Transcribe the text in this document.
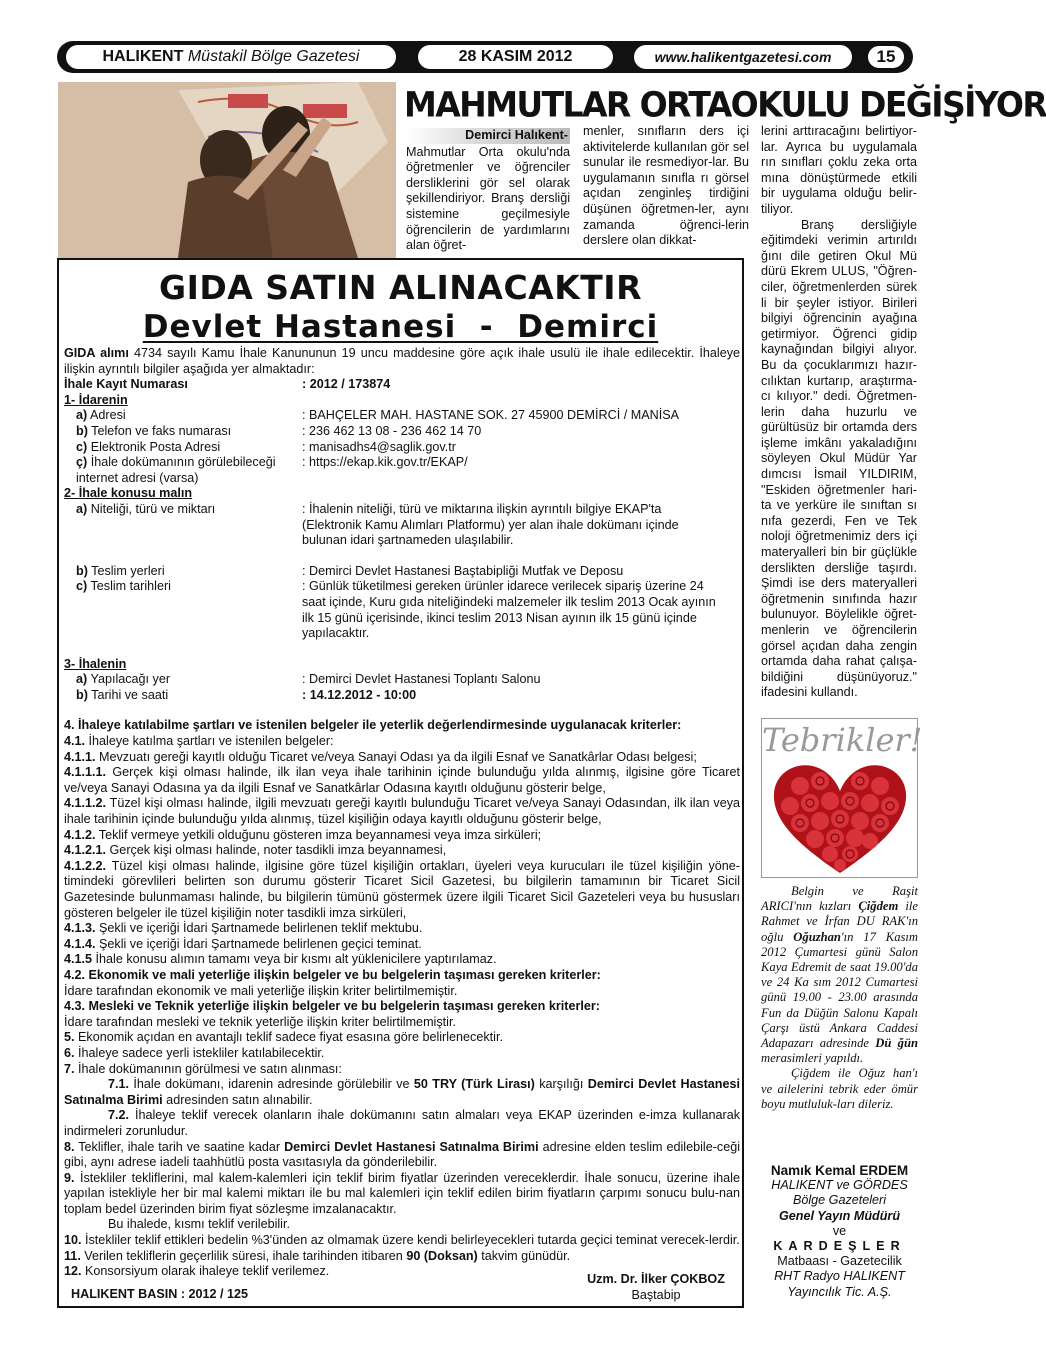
HALIKENT
Müstakil Bölge Gazetesi	28 KASIM 2012	www.halikentgazetesi.com	15
MAHMUTLAR ORTAOKULU DEĞİŞİYOR
Demirci Halıkent-
Mahmutlar Orta okulu'nda öğretmenler ve öğrenciler dersliklerini gör sel olarak şekillendiriyor. Branş dersliği sistemine geçilmesiyle öğrencilerin de yardımlarını alan öğret-
menler, sınıfların ders içi aktivitelerde kullanılan gör sel sunular ile resmediyor-lar. Bu uygulamanın sınıfla rı görsel açıdan zenginleş tirdiğini düşünen öğretmen-ler, aynı zamanda öğrenci-lerin derslere olan dikkat-

lerini arttıracağını belirtiyor-lar. Ayrıca bu uygulamala rın sınıfları çoklu zeka orta mına dönüştürmede etkili bir uygulama olduğu belir-tiliyor.

Branş dersliğiyle eğitimdeki verimin artırıldı ğını dile getiren Okul Mü dürü Ekrem ULUS, "Öğren-ciler, öğretmenlerden sürek li bir şeyler istiyor. Birileri bilgiyi öğrencinin ayağına getirmiyor. Öğrenci gidip kaynağından bilgiyi alıyor. Bu da çocuklarımızı hazır-cılıktan kurtarıp, araştırma-cı kılıyor." dedi. Öğretmen-lerin daha huzurlu ve gürültüsüz bir ortamda ders işleme imkânı yakaladığını söyleyen Okul Müdür Yar dımcısı İsmail YILDIRIM, "Eskiden öğretmenler hari-ta ve yerküre ile sınıftan sı nıfa gezerdi, Fen ve Tek noloji öğretmenimiz ders içi materyalleri bin bir güçlükle derslikten dersliğe taşırdı. Şimdi ise ders materyalleri öğretmenin sınıfında hazır bulunuyor. Böylelikle öğret-menlerin ve öğrencilerin görsel açıdan daha zengin ortamda daha rahat çalışa-bildiğini düşünüyoruz." ifadesini kullandı.

GIDA SATIN ALINACAKTIR
Devlet Hastanesi  -  Demirci

GIDA alımı 4734 sayılı Kamu İhale Kanununun 19 uncu maddesine göre açık ihale usulü ile ihale edilecektir. İhaleye ilişkin ayrıntılı bilgiler aşağıda yer almaktadır:

İhale Kayıt Numarası	: 2012 / 173874
1- İdarenin
a) Adresi	: BAHÇELER MAH. HASTANE SOK. 27 45900 DEMİRCİ / MANİSA
b) Telefon ve faks numarası	: 236 462 13 08 - 236 462 14 70
c) Elektronik Posta Adresi	: manisadhs4@saglik.gov.tr
ç) İhale dokümanının görülebileceği internet adresi (varsa)
: https://ekap.kik.gov.tr/EKAP/
2- İhale konusu malın
a) Niteliği, türü ve miktarı	: İhalenin niteliği, türü ve miktarına ilişkin ayrıntılı bilgiye EKAP'ta (Elektronik Kamu Alımları Platformu) yer alan ihale dokümanı içinde bulunan idari şartnameden ulaşılabilir.
b) Teslim yerleri	: Demirci Devlet Hastanesi Baştabipliği Mutfak ve Deposu
c) Teslim tarihleri	: Günlük tüketilmesi gereken ürünler idarece verilecek sipariş üzerine 24 saat içinde, Kuru gıda niteliğindeki malzemeler ilk teslim 2013 Ocak ayının ilk 15 günü içerisinde, ikinci teslim 2013 Nisan ayının ilk 15 günü içinde yapılacaktır.
3- İhalenin
a) Yapılacağı yer	: Demirci Devlet Hastanesi Toplantı Salonu
b) Tarihi ve saati	: 14.12.2012 - 10:00

4. İhaleye katılabilme şartları ve istenilen belgeler ile yeterlik değerlendirmesinde uygulanacak kriterler:

4.1. İhaleye katılma şartları ve istenilen belgeler:

4.1.1. Mevzuatı gereği kayıtlı olduğu Ticaret ve/veya Sanayi Odası ya da ilgili Esnaf ve Sanatkârlar Odası belgesi;

4.1.1.1. Gerçek kişi olması halinde, ilk ilan veya ihale tarihinin içinde bulunduğu yılda alınmış, ilgisine göre Ticaret ve/veya Sanayi Odasına ya da ilgili Esnaf ve Sanatkârlar Odasına kayıtlı olduğunu gösterir belge,

4.1.1.2. Tüzel kişi olması halinde, ilgili mevzuatı gereği kayıtlı bulunduğu Ticaret ve/veya Sanayi Odasından, ilk ilan veya ihale tarihinin içinde bulunduğu yılda alınmış, tüzel kişiliğin odaya kayıtlı olduğunu gösterir belge,

4.1.2. Teklif vermeye yetkili olduğunu gösteren imza beyannamesi veya imza sirküleri;

4.1.2.1. Gerçek kişi olması halinde, noter tasdikli imza beyannamesi,

4.1.2.2. Tüzel kişi olması halinde, ilgisine göre tüzel kişiliğin ortakları, üyeleri veya kurucuları ile tüzel kişiliğin yöne-timindeki görevlileri belirten son durumu gösterir Ticaret Sicil Gazetesi, bu bilgilerin tamamının bir Ticaret Sicil Gazetesinde bulunmaması halinde, bu bilgilerin tümünü göstermek üzere ilgili Ticaret Sicil Gazeteleri veya bu hususları gösteren belgeler ile tüzel kişiliğin noter tasdikli imza sirküleri,

4.1.3. Şekli ve içeriği İdari Şartnamede belirlenen teklif mektubu.

4.1.4. Şekli ve içeriği İdari Şartnamede belirlenen geçici teminat.

4.1.5 İhale konusu alımın tamamı veya bir kısmı alt yüklenicilere yaptırılamaz.

4.2. Ekonomik ve mali yeterliğe ilişkin belgeler ve bu belgelerin taşıması gereken kriterler:

İdare tarafından ekonomik ve mali yeterliğe ilişkin kriter belirtilmemiştir.

4.3. Mesleki ve Teknik yeterliğe ilişkin belgeler ve bu belgelerin taşıması gereken kriterler:

İdare tarafından mesleki ve teknik yeterliğe ilişkin kriter belirtilmemiştir.

5. Ekonomik açıdan en avantajlı teklif sadece fiyat esasına göre belirlenecektir.

6. İhaleye sadece yerli istekliler katılabilecektir.

7. İhale dokümanının görülmesi ve satın alınması:

7.1. İhale dokümanı, idarenin adresinde görülebilir ve 50 TRY (Türk Lirası) karşılığı Demirci Devlet Hastanesi Satınalma Birimi adresinden satın alınabilir.

7.2. İhaleye teklif verecek olanların ihale dokümanını satın almaları veya EKAP üzerinden e-imza kullanarak indirmeleri zorunludur.

8. Teklifler, ihale tarih ve saatine kadar Demirci Devlet Hastanesi Satınalma Birimi adresine elden teslim edilebile-ceği gibi, aynı adrese iadeli taahhütlü posta vasıtasıyla da gönderilebilir.

9. İstekliler tekliflerini, mal kalem-kalemleri için teklif birim fiyatlar üzerinden vereceklerdir. İhale sonucu, üzerine ihale yapılan istekliyle her bir mal kalemi miktarı ile bu mal kalemleri için teklif edilen birim fiyatların çarpımı sonucu bulu-nan toplam bedel üzerinden birim fiyat sözleşme imzalanacaktır.

Bu ihalede, kısmı teklif verilebilir.

10. İstekliler teklif ettikleri bedelin %3'ünden az olmamak üzere kendi belirleyecekleri tutarda geçici teminat verecek-lerdir.

11. Verilen tekliflerin geçerlilik süresi, ihale tarihinden itibaren 90 (Doksan) takvim günüdür.

12. Konsorsiyum olarak ihaleye teklif verilemez.

Uzm. Dr. İlker ÇOKBOZ
Baştabip
HALIKENT BASIN : 2012 / 125
Tebrikler!

Belgin ve Raşit ARICI'nın kızları Çiğdem ile Rahmet ve İrfan DU RAK'ın oğlu Oğuzhan'ın 17 Kasım 2012 Çumartesi günü Salon Kaya Edremit de saat 19.00'da ve 24 Ka sım 2012 Cumartesi günü 19.00 - 23.00 arasında Fun da Düğün Salonu Kapalı Çarşı üstü Ankara Caddesi Adapazarı adresinde Dü ğün merasimleri yapıldı.

Çiğdem ile Oğuz han'ı ve ailelerini tebrik eder ömür boyu mutluluk-ları dileriz.

Namık Kemal ERDEM
HALIKENT ve GÖRDES
Bölge Gazeteleri
Genel Yayın Müdürü
ve
KARDEŞLER
Matbaası - Gazetecilik
RHT Radyo HALIKENT
Yayıncılık Tic. A.Ş.
